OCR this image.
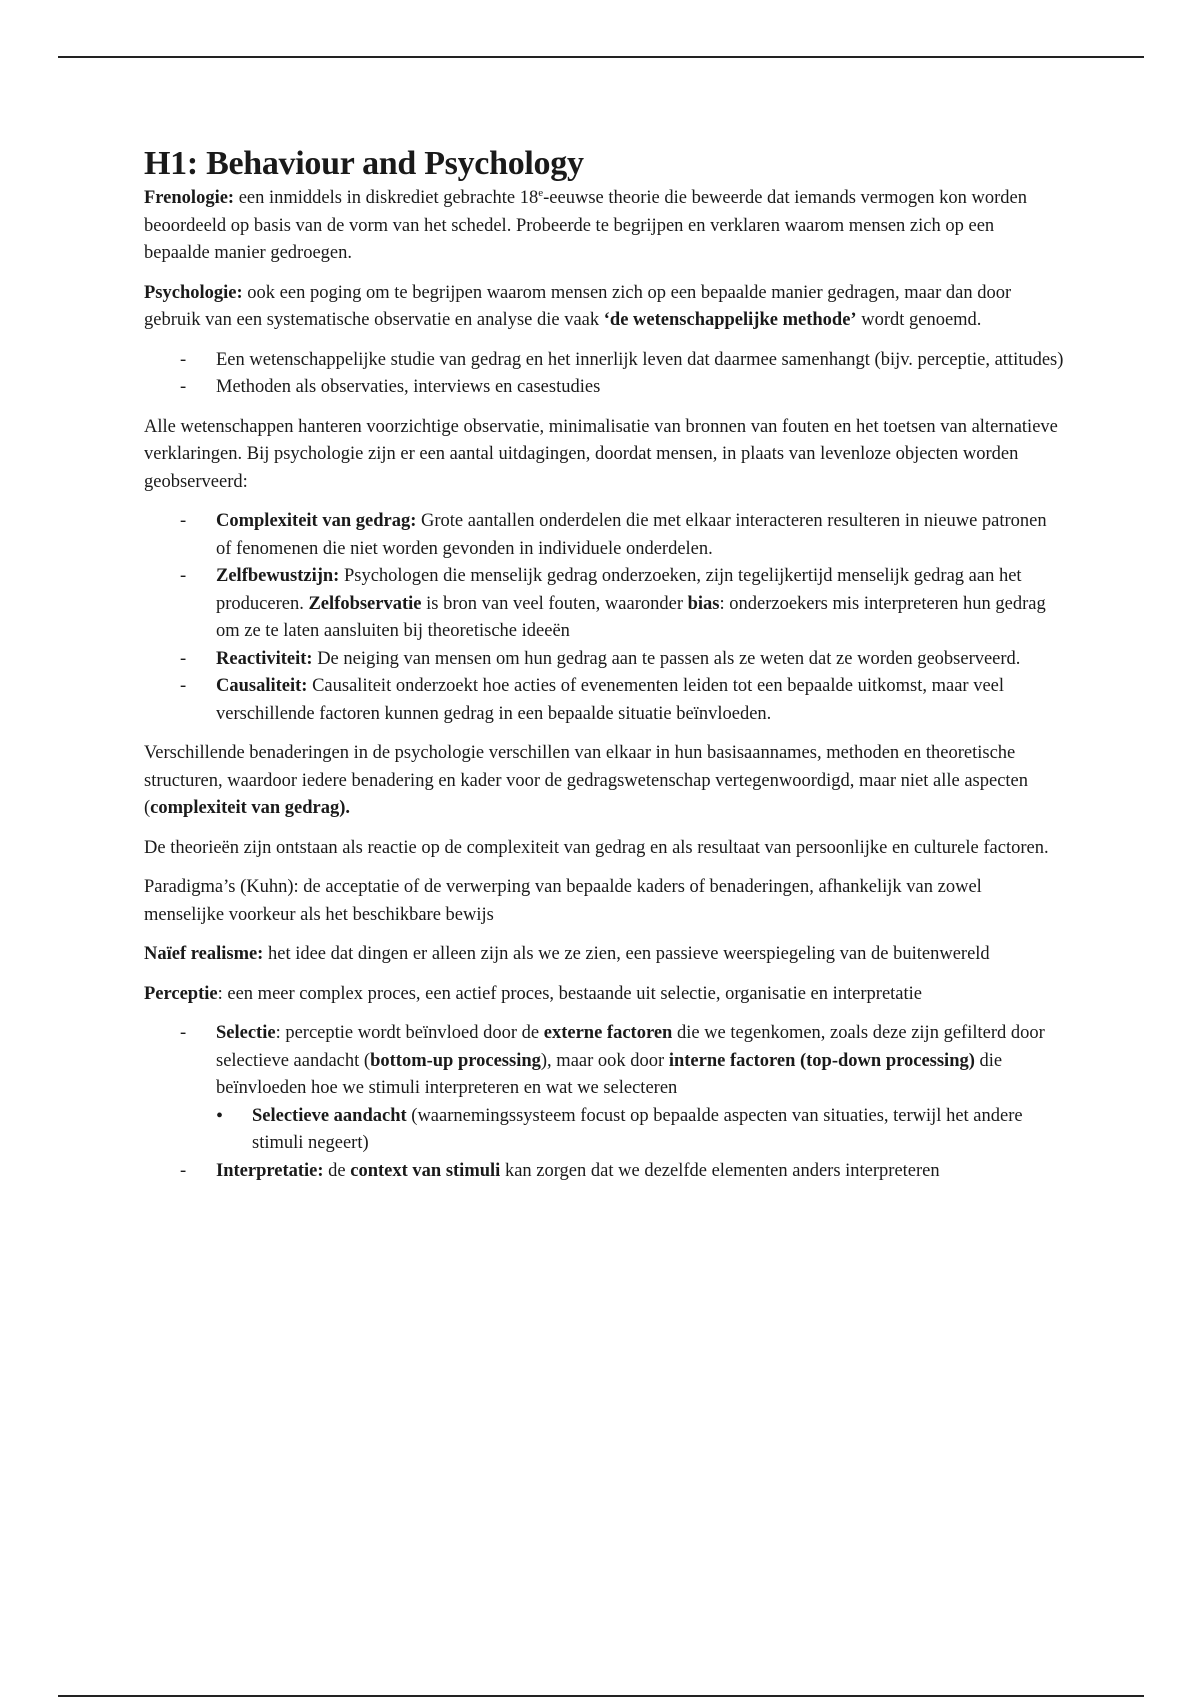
H1: Behaviour and Psychology

Frenologie: een inmiddels in diskrediet gebrachte 18e-eeuwse theorie die beweerde dat iemands vermogen kon worden beoordeeld op basis van de vorm van het schedel. Probeerde te begrijpen en verklaren waarom mensen zich op een bepaalde manier gedroegen.

Psychologie: ook een poging om te begrijpen waarom mensen zich op een bepaalde manier gedragen, maar dan door gebruik van een systematische observatie en analyse die vaak ‘de wetenschappelijke methode’ wordt genoemd.

- Een wetenschappelijke studie van gedrag en het innerlijk leven dat daarmee samenhangt (bijv. perceptie, attitudes)
- Methoden als observaties, interviews en casestudies

Alle wetenschappen hanteren voorzichtige observatie, minimalisatie van bronnen van fouten en het toetsen van alternatieve verklaringen. Bij psychologie zijn er een aantal uitdagingen, doordat mensen, in plaats van levenloze objecten worden geobserveerd:

- Complexiteit van gedrag: Grote aantallen onderdelen die met elkaar interacteren resulteren in nieuwe patronen of fenomenen die niet worden gevonden in individuele onderdelen.
- Zelfbewustzijn: Psychologen die menselijk gedrag onderzoeken, zijn tegelijkertijd menselijk gedrag aan het produceren. Zelfobservatie is bron van veel fouten, waaronder bias: onderzoekers mis interpreteren hun gedrag om ze te laten aansluiten bij theoretische ideeën
- Reactiviteit: De neiging van mensen om hun gedrag aan te passen als ze weten dat ze worden geobserveerd.
- Causaliteit: Causaliteit onderzoekt hoe acties of evenementen leiden tot een bepaalde uitkomst, maar veel verschillende factoren kunnen gedrag in een bepaalde situatie beïnvloeden.

Verschillende benaderingen in de psychologie verschillen van elkaar in hun basisaannames, methoden en theoretische structuren, waardoor iedere benadering en kader voor de gedragswetenschap vertegenwoordigd, maar niet alle aspecten (complexiteit van gedrag).

De theorieën zijn ontstaan als reactie op de complexiteit van gedrag en als resultaat van persoonlijke en culturele factoren.

Paradigma’s (Kuhn): de acceptatie of de verwerping van bepaalde kaders of benaderingen, afhankelijk van zowel menselijke voorkeur als het beschikbare bewijs

Naïef realisme: het idee dat dingen er alleen zijn als we ze zien, een passieve weerspiegeling van de buitenwereld

Perceptie: een meer complex proces, een actief proces, bestaande uit selectie, organisatie en interpretatie

- Selectie: perceptie wordt beïnvloed door de externe factoren die we tegenkomen, zoals deze zijn gefilterd door selectieve aandacht (bottom-up processing), maar ook door interne factoren (top-down processing) die beïnvloeden hoe we stimuli interpreteren en wat we selecteren
• Selectieve aandacht (waarnemingssysteem focust op bepaalde aspecten van situaties, terwijl het andere stimuli negeert)
- Interpretatie: de context van stimuli kan zorgen dat we dezelfde elementen anders interpreteren
